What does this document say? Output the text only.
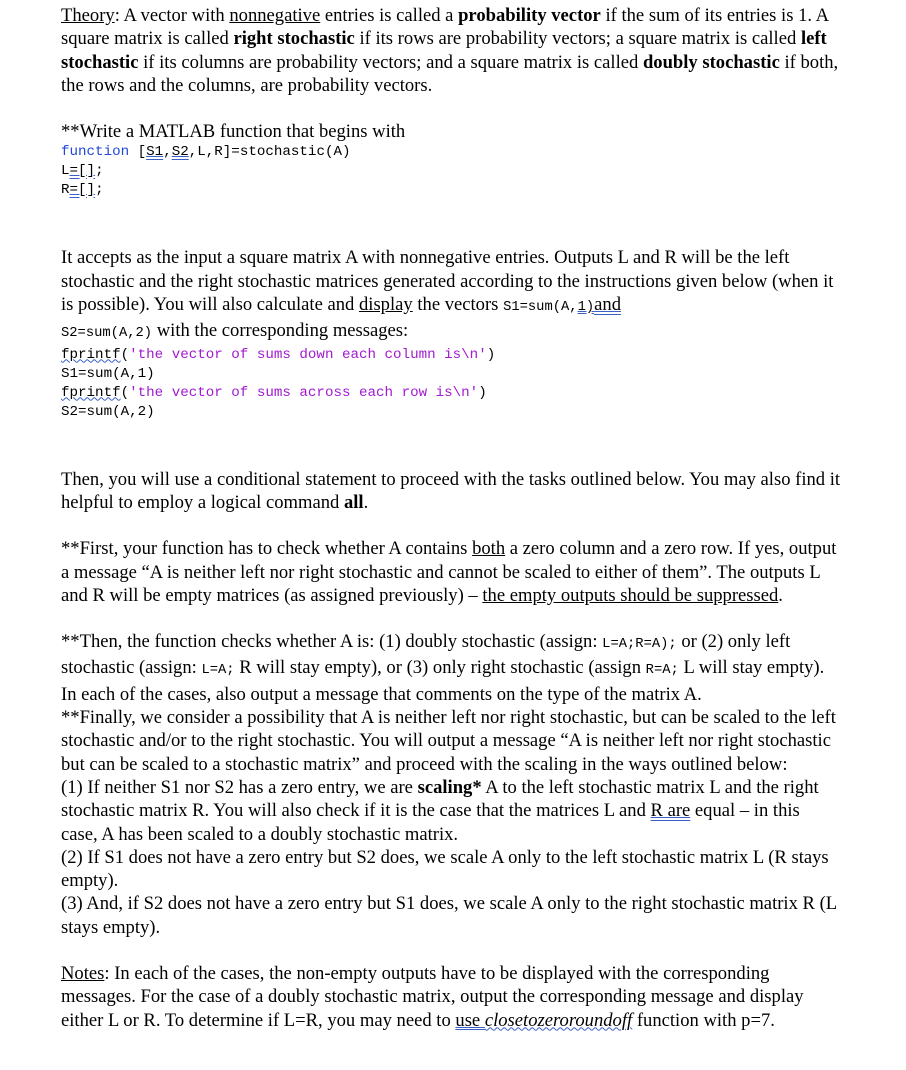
Theory: A vector with nonnegative entries is called a probability vector if the sum of its entries is 1. A square matrix is called right stochastic if its rows are probability vectors; a square matrix is called left stochastic if its columns are probability vectors; and a square matrix is called doubly stochastic if both, the rows and the columns, are probability vectors.

**Write a MATLAB function that begins with

function [S1,S2,L,R]=stochastic(A)
L=[];
R=[];

It accepts as the input a square matrix A with nonnegative entries. Outputs L and R will be the left stochastic and the right stochastic matrices generated according to the instructions given below (when it is possible). You will also calculate and display the vectors S1=sum(A,1)and
S2=sum(A,2) with the corresponding messages:

fprintf('the vector of sums down each column is\n')
S1=sum(A,1)
fprintf('the vector of sums across each row is\n')
S2=sum(A,2)

Then, you will use a conditional statement to proceed with the tasks outlined below. You may also find it helpful to employ a logical command all.

**First, your function has to check whether A contains both a zero column and a zero row. If yes, output a message “A is neither left nor right stochastic and cannot be scaled to either of them”. The outputs L and R will be empty matrices (as assigned previously) – the empty outputs should be suppressed.

**Then, the function checks whether A is: (1) doubly stochastic (assign: L=A;R=A); or (2) only left stochastic (assign: L=A; R will stay empty), or (3) only right stochastic (assign R=A; L will stay empty). In each of the cases, also output a message that comments on the type of the matrix A.

**Finally, we consider a possibility that A is neither left nor right stochastic, but can be scaled to the left stochastic and/or to the right stochastic. You will output a message “A is neither left nor right stochastic but can be scaled to a stochastic matrix” and proceed with the scaling in the ways outlined below:

(1) If neither S1 nor S2 has a zero entry, we are scaling* A to the left stochastic matrix L and the right stochastic matrix R. You will also check if it is the case that the matrices L and R are equal – in this case, A has been scaled to a doubly stochastic matrix.

(2) If S1 does not have a zero entry but S2 does, we scale A only to the left stochastic matrix L (R stays empty).

(3) And, if S2 does not have a zero entry but S1 does, we scale A only to the right stochastic matrix R (L stays empty).

Notes: In each of the cases, the non-empty outputs have to be displayed with the corresponding messages. For the case of a doubly stochastic matrix, output the corresponding message and display either L or R. To determine if L=R, you may need to use closetozeroroundoff function with p=7.
